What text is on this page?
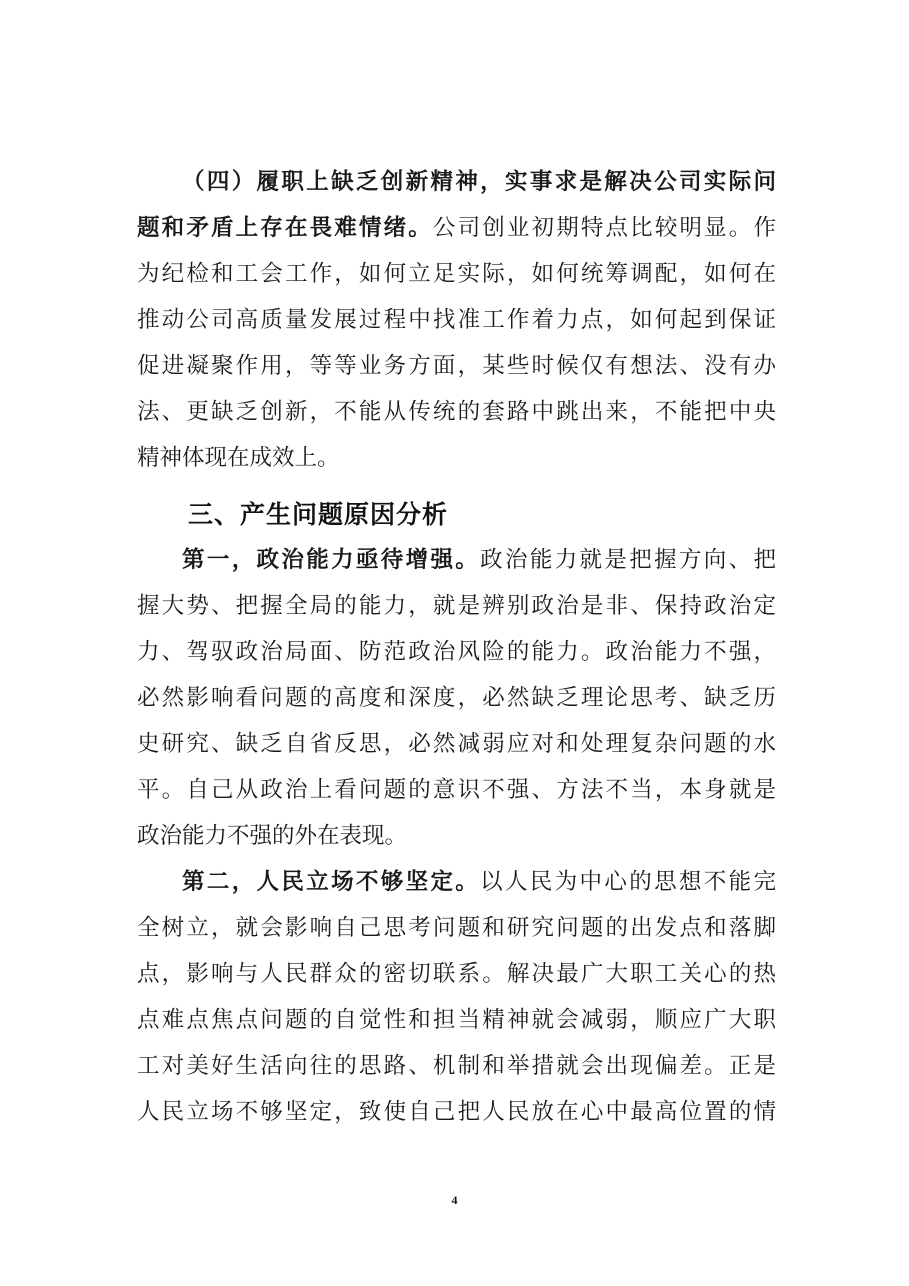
（四）履职上缺乏创新精神，实事求是解决公司实际问
题和矛盾上存在畏难情绪。公司创业初期特点比较明显。作
为纪检和工会工作，如何立足实际，如何统筹调配，如何在
推动公司高质量发展过程中找准工作着力点，如何起到保证
促进凝聚作用，等等业务方面，某些时候仅有想法、没有办
法、更缺乏创新，不能从传统的套路中跳出来，不能把中央
精神体现在成效上。
三、产生问题原因分析
第一，政治能力亟待增强。政治能力就是把握方向、把
握大势、把握全局的能力，就是辨别政治是非、保持政治定
力、驾驭政治局面、防范政治风险的能力。政治能力不强，
必然影响看问题的高度和深度，必然缺乏理论思考、缺乏历
史研究、缺乏自省反思，必然减弱应对和处理复杂问题的水
平。自己从政治上看问题的意识不强、方法不当，本身就是
政治能力不强的外在表现。
第二，人民立场不够坚定。以人民为中心的思想不能完
全树立，就会影响自己思考问题和研究问题的出发点和落脚
点，影响与人民群众的密切联系。解决最广大职工关心的热
点难点焦点问题的自觉性和担当精神就会减弱，顺应广大职
工对美好生活向往的思路、机制和举措就会出现偏差。正是
人民立场不够坚定，致使自己把人民放在心中最高位置的情
4
